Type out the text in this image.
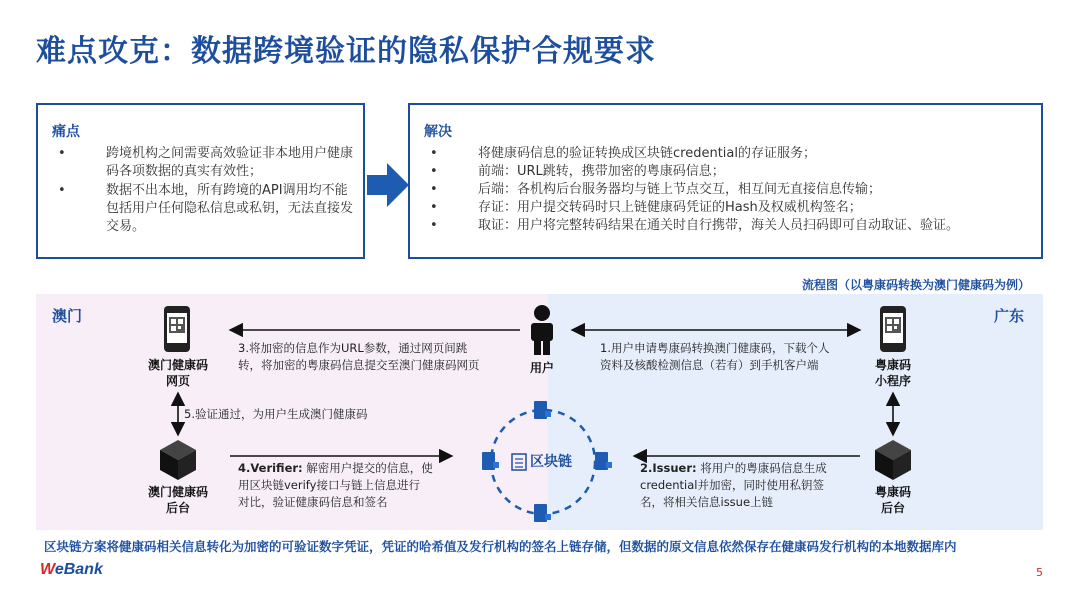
难点攻克：数据跨境验证的隐私保护合规要求
痛点
•	跨境机构之间需要高效验证非本地用户健康码各项数据的真实有效性；
•	数据不出本地，所有跨境的API调用均不能包括用户任何隐私信息或私钥，无法直接发交易。
解决
•	将健康码信息的验证转换成区块链credential的存证服务；
•	前端：URL跳转，携带加密的粤康码信息；
•	后端：各机构后台服务器均与链上节点交互，相互间无直接信息传输；
•	存证：用户提交转码时只上链健康码凭证的Hash及权威机构签名；
•	取证：用户将完整转码结果在通关时自行携带，海关人员扫码即可自动取证、验证。
流程图（以粤康码转换为澳门健康码为例）
澳门	广东
澳门健康码
网页
澳门健康码
后台
用户	粤康码
小程序
粤康码
后台
区块链
3.将加密的信息作为URL参数，通过网页间跳
转，将加密的粤康码信息提交至澳门健康码网页
1.用户申请粤康码转换澳门健康码，下载个人
资料及核酸检测信息（若有）到手机客户端
5.验证通过，为用户生成澳门健康码
4.Verifier: 解密用户提交的信息，使
用区块链verify接口与链上信息进行
对比，验证健康码信息和签名
2.Issuer: 将用户的粤康码信息生成
credential并加密，同时使用私钥签
名，将相关信息issue上链
区块链方案将健康码相关信息转化为加密的可验证数字凭证，凭证的哈希值及发行机构的签名上链存储，但数据的原文信息依然保存在健康码发行机构的本地数据库内
WeBank	5
